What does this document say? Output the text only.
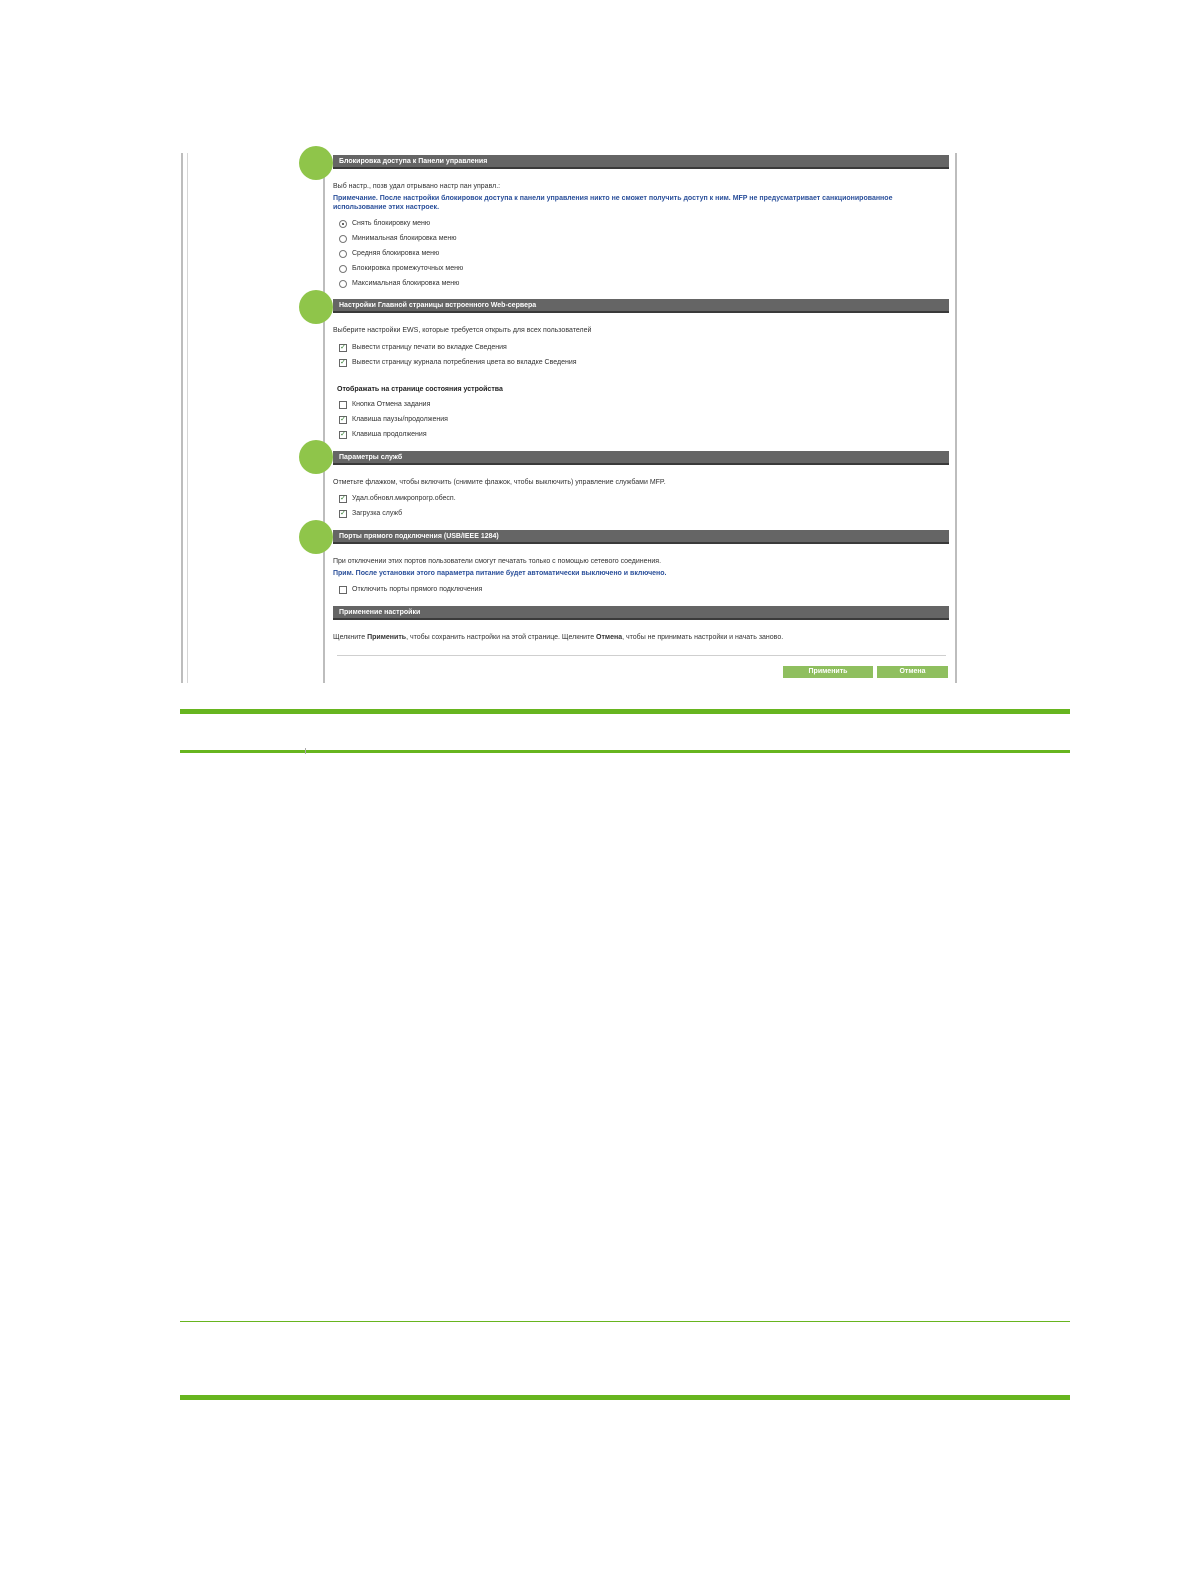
Блокировка доступа к Панели управления
Выб настр., позв удал отрывано настр пан управл.:
Примечание. После настройки блокировок доступа к панели управления никто не сможет получить доступ к ним. MFP не предусматривает санкционированное
использование этих настроек.
Снять блокировку меню
Минимальная блокировка меню
Средняя блокировка меню
Блокировка промежуточных меню
Максимальная блокировка меню
Настройки Главной страницы встроенного Web-сервера
Выберите настройки EWS, которые требуется открыть для всех пользователей
✓ Вывести страницу печати во вкладке Сведения
✓ Вывести страницу журнала потребления цвета во вкладке Сведения
Отображать на странице состояния устройства
Кнопка Отмена задания
✓ Клавиша паузы/продолжения
✓ Клавиша продолжения
Параметры служб
Отметьте флажком, чтобы включить (снимите флажок, чтобы выключить) управление службами MFP.
✓ Удал.обновл.микропрогр.обесп.
✓ Загрузка служб
Порты прямого подключения (USB/IEEE 1284)
При отключении этих портов пользователи смогут печатать только с помощью сетевого соединения.
Прим. После установки этого параметра питание будет автоматически выключено и включено.
Отключить порты прямого подключения
Применение настройки
Щелкните Применить, чтобы сохранить настройки на этой странице. Щелкните Отмена, чтобы не принимать настройки и начать заново.
Применить	Отмена
